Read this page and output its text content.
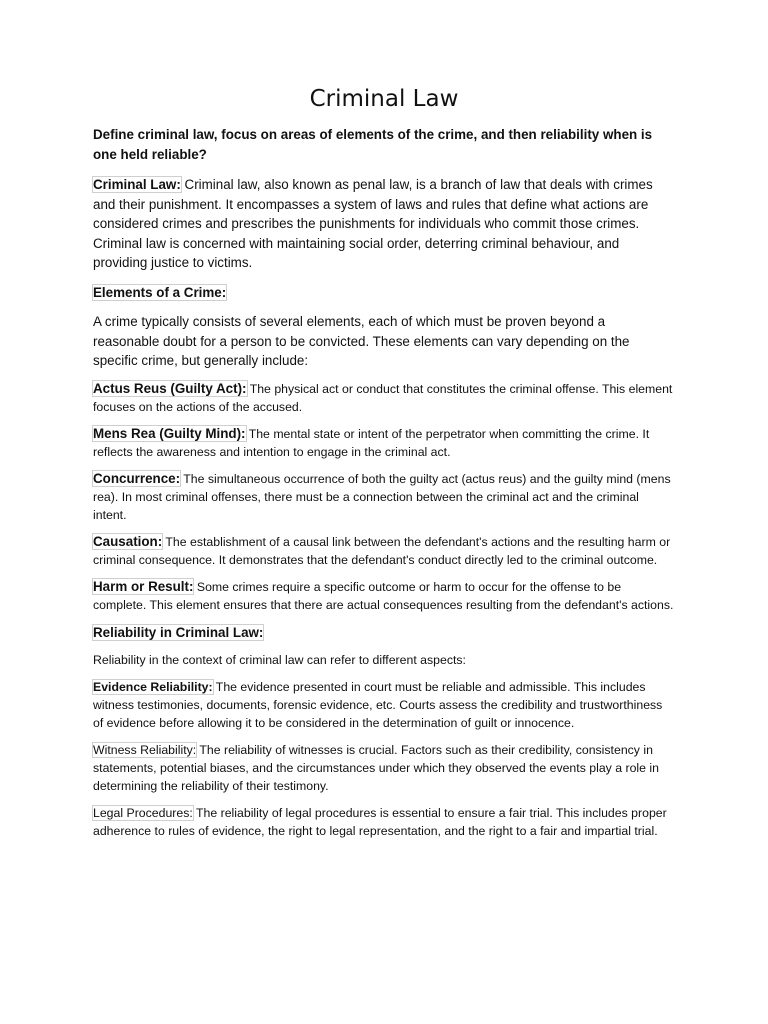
Criminal Law

Define criminal law, focus on areas of elements of the crime, and then reliability when is one held reliable?

Criminal Law: Criminal law, also known as penal law, is a branch of law that deals with crimes and their punishment. It encompasses a system of laws and rules that define what actions are considered crimes and prescribes the punishments for individuals who commit those crimes. Criminal law is concerned with maintaining social order, deterring criminal behaviour, and providing justice to victims.

Elements of a Crime:

A crime typically consists of several elements, each of which must be proven beyond a reasonable doubt for a person to be convicted. These elements can vary depending on the specific crime, but generally include:

Actus Reus (Guilty Act): The physical act or conduct that constitutes the criminal offense. This element focuses on the actions of the accused.

Mens Rea (Guilty Mind): The mental state or intent of the perpetrator when committing the crime. It reflects the awareness and intention to engage in the criminal act.

Concurrence: The simultaneous occurrence of both the guilty act (actus reus) and the guilty mind (mens rea). In most criminal offenses, there must be a connection between the criminal act and the criminal intent.

Causation: The establishment of a causal link between the defendant's actions and the resulting harm or criminal consequence. It demonstrates that the defendant's conduct directly led to the criminal outcome.

Harm or Result: Some crimes require a specific outcome or harm to occur for the offense to be complete. This element ensures that there are actual consequences resulting from the defendant's actions.

Reliability in Criminal Law:

Reliability in the context of criminal law can refer to different aspects:

Evidence Reliability: The evidence presented in court must be reliable and admissible. This includes witness testimonies, documents, forensic evidence, etc. Courts assess the credibility and trustworthiness of evidence before allowing it to be considered in the determination of guilt or innocence.

Witness Reliability: The reliability of witnesses is crucial. Factors such as their credibility, consistency in statements, potential biases, and the circumstances under which they observed the events play a role in determining the reliability of their testimony.

Legal Procedures: The reliability of legal procedures is essential to ensure a fair trial. This includes proper adherence to rules of evidence, the right to legal representation, and the right to a fair and impartial trial.
